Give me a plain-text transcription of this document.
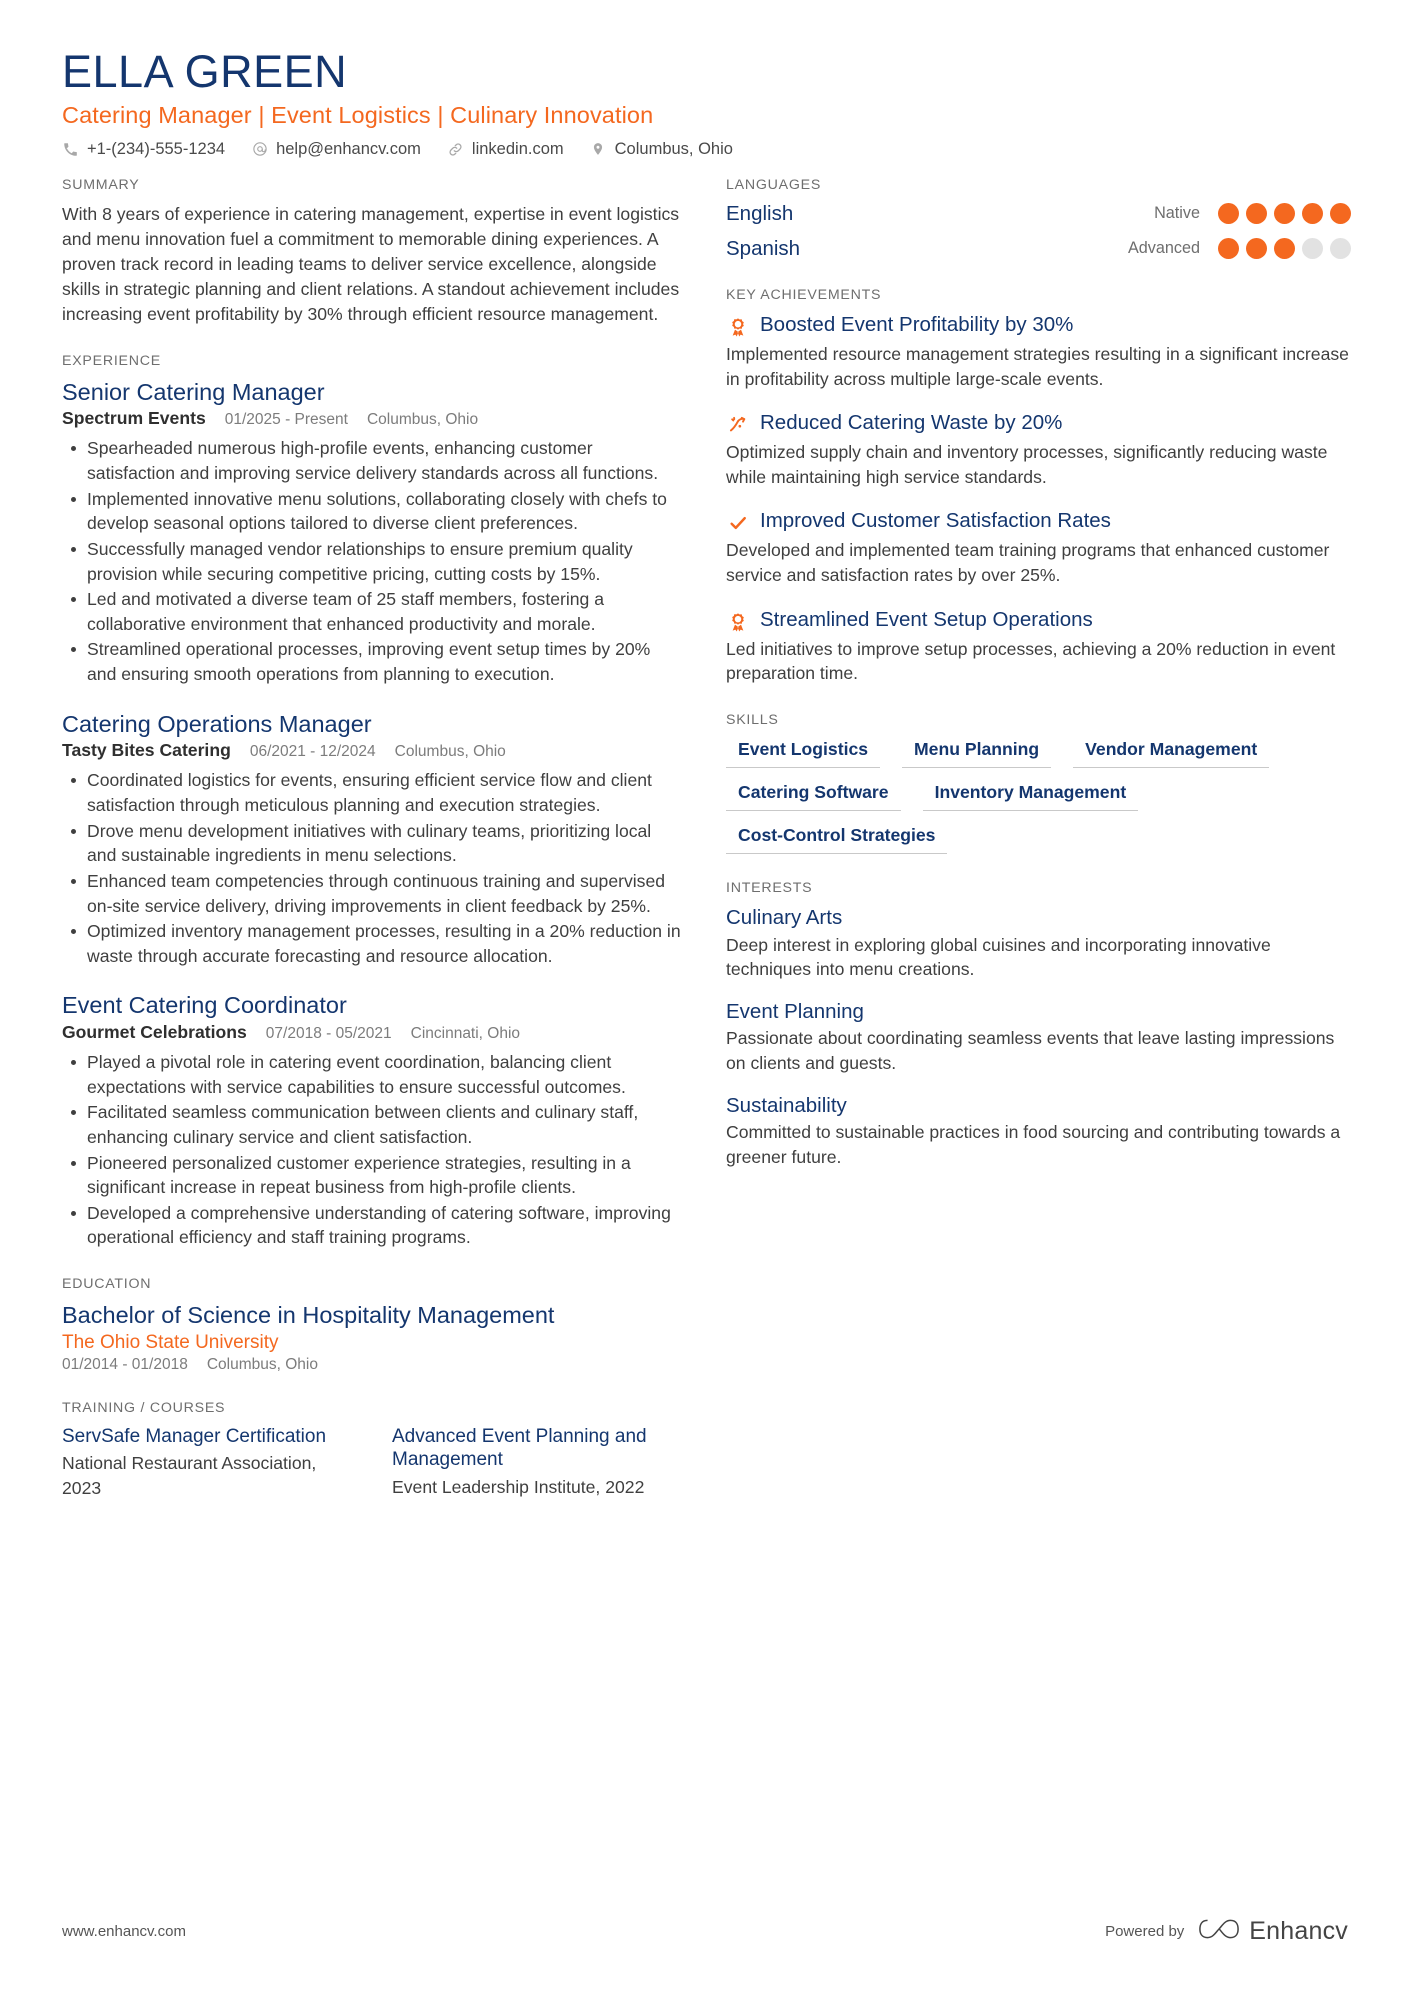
ELLA GREEN
Catering Manager | Event Logistics | Culinary Innovation
+1-(234)-555-1234	help@enhancv.com	linkedin.com	Columbus, Ohio
SUMMARY
With 8 years of experience in catering management, expertise in event logistics and menu innovation fuel a commitment to memorable dining experiences. A proven track record in leading teams to deliver service excellence, alongside skills in strategic planning and client relations. A standout achievement includes increasing event profitability by 30% through efficient resource management.
EXPERIENCE
Senior Catering Manager
Spectrum Events 01/2025 - Present Columbus, Ohio
Spearheaded numerous high-profile events, enhancing customer satisfaction and improving service delivery standards across all functions.
Implemented innovative menu solutions, collaborating closely with chefs to develop seasonal options tailored to diverse client preferences.
Successfully managed vendor relationships to ensure premium quality provision while securing competitive pricing, cutting costs by 15%.
Led and motivated a diverse team of 25 staff members, fostering a collaborative environment that enhanced productivity and morale.
Streamlined operational processes, improving event setup times by 20% and ensuring smooth operations from planning to execution.
Catering Operations Manager
Tasty Bites Catering 06/2021 - 12/2024 Columbus, Ohio
Coordinated logistics for events, ensuring efficient service flow and client satisfaction through meticulous planning and execution strategies.
Drove menu development initiatives with culinary teams, prioritizing local and sustainable ingredients in menu selections.
Enhanced team competencies through continuous training and supervised on-site service delivery, driving improvements in client feedback by 25%.
Optimized inventory management processes, resulting in a 20% reduction in waste through accurate forecasting and resource allocation.
Event Catering Coordinator
Gourmet Celebrations 07/2018 - 05/2021 Cincinnati, Ohio
Played a pivotal role in catering event coordination, balancing client expectations with service capabilities to ensure successful outcomes.
Facilitated seamless communication between clients and culinary staff, enhancing culinary service and client satisfaction.
Pioneered personalized customer experience strategies, resulting in a significant increase in repeat business from high-profile clients.
Developed a comprehensive understanding of catering software, improving operational efficiency and staff training programs.
EDUCATION
Bachelor of Science in Hospitality Management
The Ohio State University
01/2014 - 01/2018 Columbus, Ohio
TRAINING / COURSES
ServSafe Manager Certification
National Restaurant Association, 2023
Advanced Event Planning and Management
Event Leadership Institute, 2022
LANGUAGES
English	Native
Spanish	Advanced
KEY ACHIEVEMENTS
Boosted Event Profitability by 30%
Implemented resource management strategies resulting in a significant increase in profitability across multiple large-scale events.
Reduced Catering Waste by 20%
Optimized supply chain and inventory processes, significantly reducing waste while maintaining high service standards.
Improved Customer Satisfaction Rates
Developed and implemented team training programs that enhanced customer service and satisfaction rates by over 25%.
Streamlined Event Setup Operations
Led initiatives to improve setup processes, achieving a 20% reduction in event preparation time.
SKILLS
Event Logistics	Menu Planning	Vendor Management
Catering Software	Inventory Management
Cost-Control Strategies
INTERESTS
Culinary Arts
Deep interest in exploring global cuisines and incorporating innovative techniques into menu creations.
Event Planning
Passionate about coordinating seamless events that leave lasting impressions on clients and guests.
Sustainability
Committed to sustainable practices in food sourcing and contributing towards a greener future.
www.enhancv.com	Powered by	Enhancv
